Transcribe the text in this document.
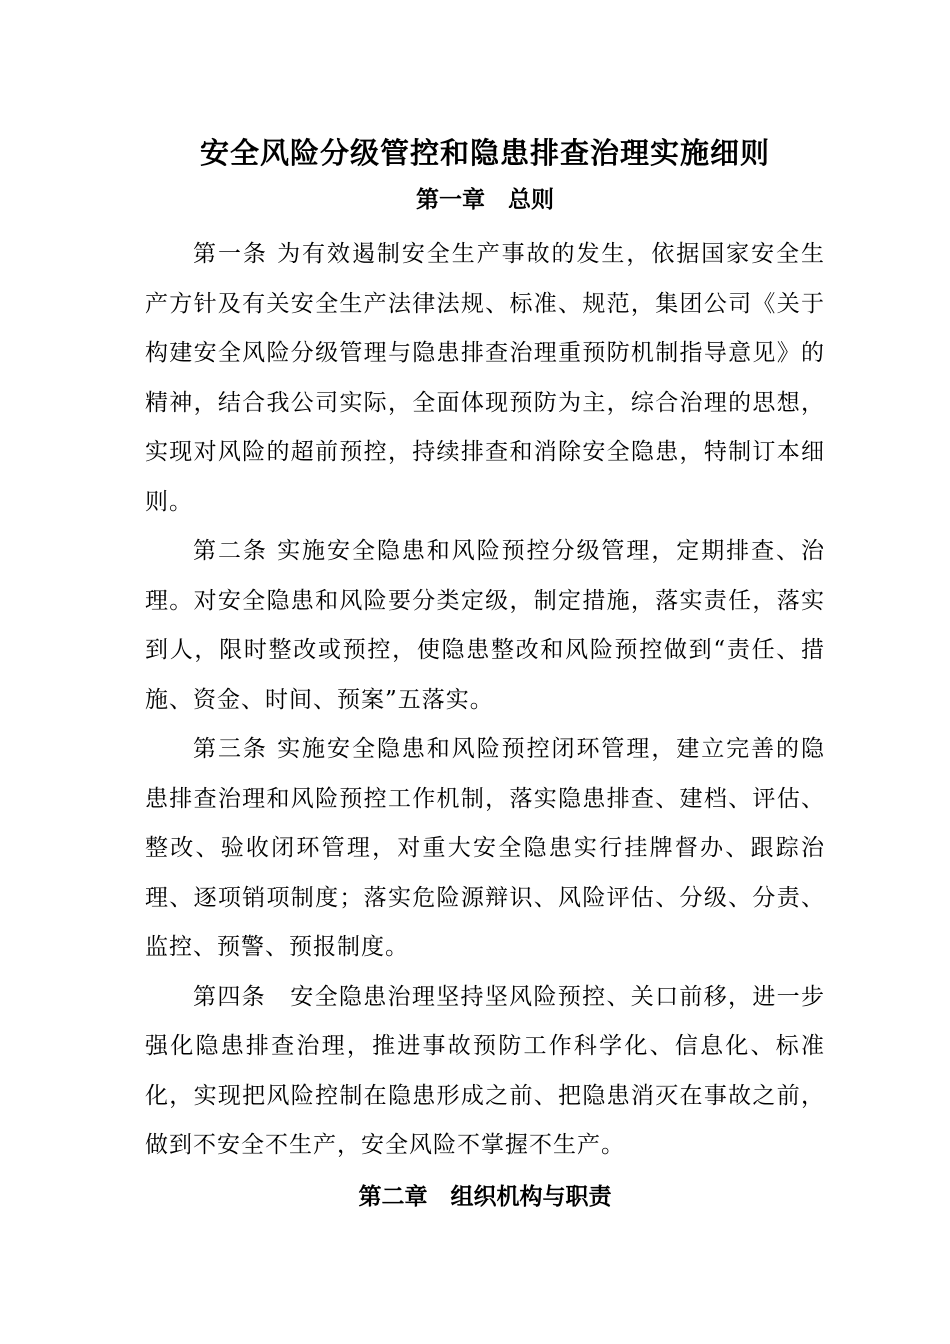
安全风险分级管控和隐患排查治理实施细则
第一章　总则

第一条 为有效遏制安全生产事故的发生，依据国家安全生产方针及有关安全生产法律法规、标准、规范，集团公司《关于构建安全风险分级管理与隐患排查治理重预防机制指导意见》的精神，结合我公司实际，全面体现预防为主，综合治理的思想，实现对风险的超前预控，持续排查和消除安全隐患，特制订本细则。

第二条 实施安全隐患和风险预控分级管理，定期排查、治理。对安全隐患和风险要分类定级，制定措施，落实责任，落实到人，限时整改或预控，使隐患整改和风险预控做到“责任、措施、资金、时间、预案”五落实。

第三条 实施安全隐患和风险预控闭环管理，建立完善的隐患排查治理和风险预控工作机制，落实隐患排查、建档、评估、整改、验收闭环管理，对重大安全隐患实行挂牌督办、跟踪治理、逐项销项制度；落实危险源辩识、风险评估、分级、分责、监控、预警、预报制度。

第四条　安全隐患治理坚持坚风险预控、关口前移，进一步强化隐患排查治理，推进事故预防工作科学化、信息化、标准化，实现把风险控制在隐患形成之前、把隐患消灭在事故之前，做到不安全不生产，安全风险不掌握不生产。

第二章　组织机构与职责
